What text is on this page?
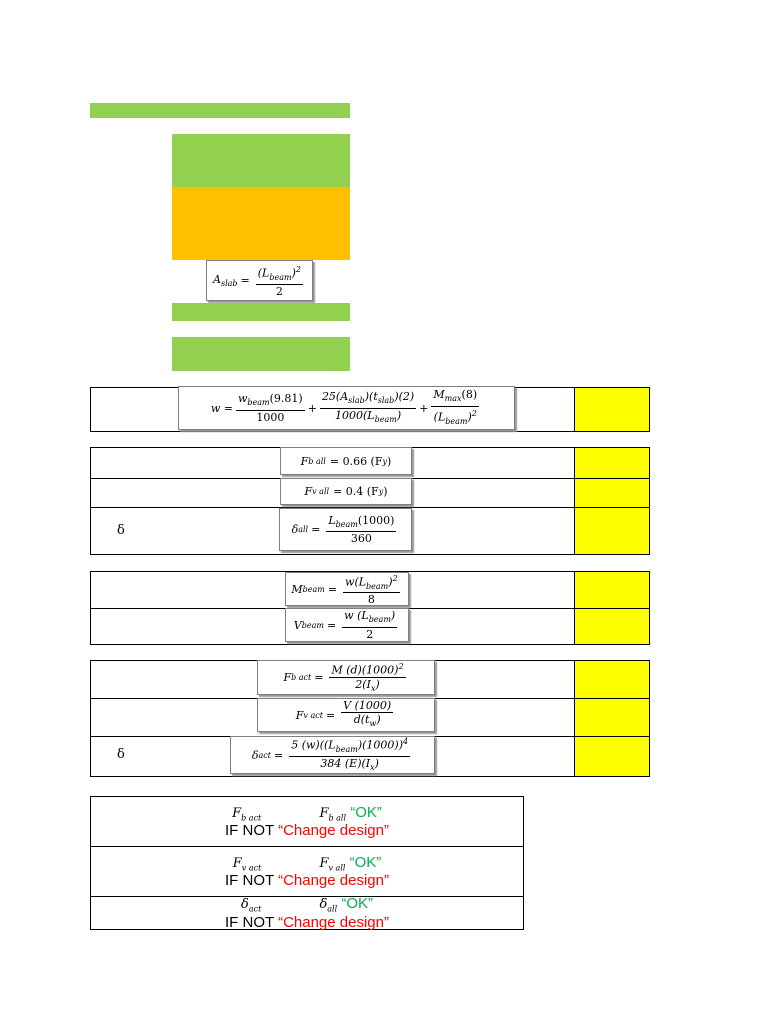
$A_{slab} = \frac{(L_{beam})^2}{2}$
$w = \frac{w_{beam}(9.81)}{1000} + \frac{25(A_{slab})(t_{slab})(2)}{1000(L_{beam})} + \frac{M_{max}(8)}{(L_{beam})^2}$
δ
F b all = 0.66 (F y )
F v all = 0.4 (F y )
δ all = $\frac{L_{beam}(1000)}{360}$
M beam = $\frac{w(L_{beam})^2}{8}$
V beam = $\frac{w (L_{beam})}{2}$
δ
F b act = $\frac{M (d)(1000)^2}{2(I_x)}$
F v act = $\frac{V (1000)}{d(t_w)}$
δ act = $\frac{5 (w)((L_{beam})(1000))^4}{384 (E)(I_x)}$
$F_{b act}$	$F_{b all}$ “OK”
IF NOT “Change design”
$F_{v act}$	$F_{v all}$ “OK”
IF NOT “Change design”
$\delta_{act}$	$\delta_{all}$ “OK”
IF NOT “Change design”
